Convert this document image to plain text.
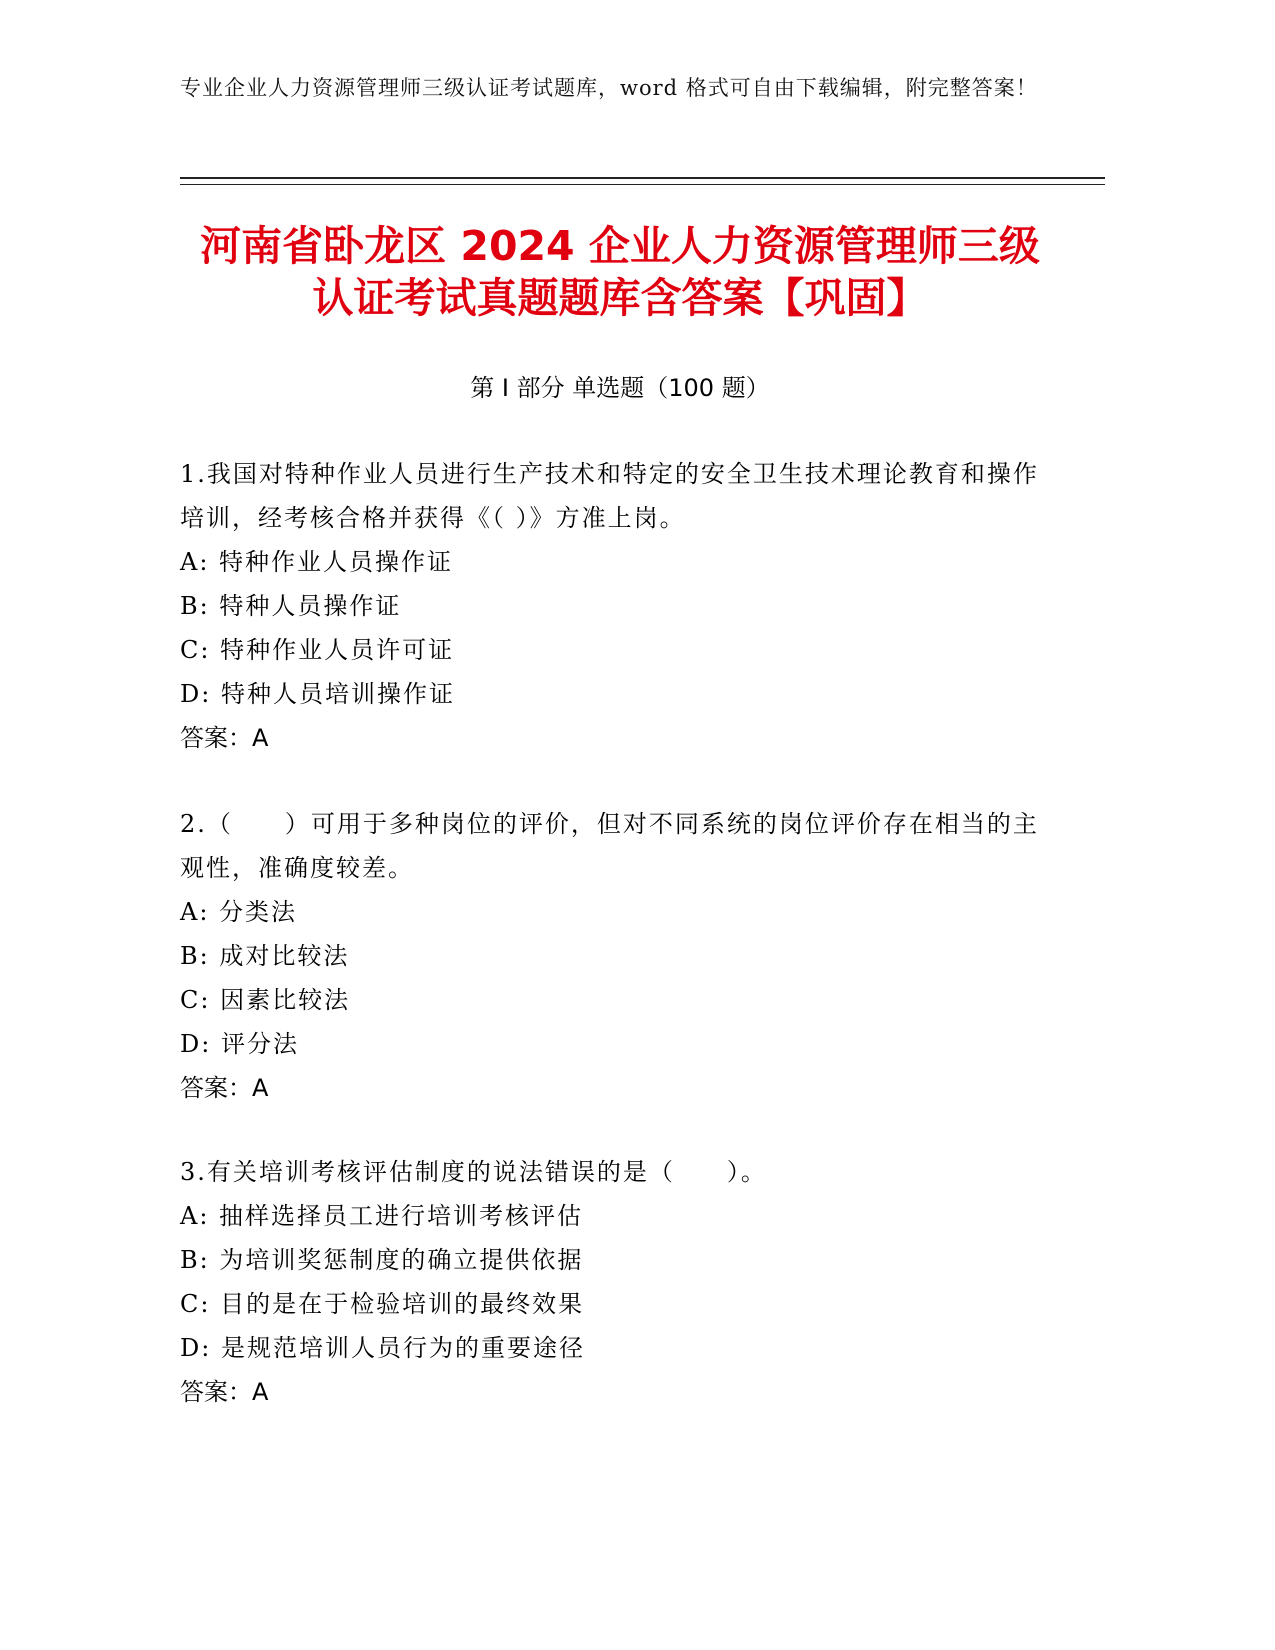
专业企业人力资源管理师三级认证考试题库，word 格式可自由下载编辑，附完整答案！
河南省卧龙区 2024 企业人力资源管理师三级
认证考试真题题库含答案【巩固】
第 I 部分 单选题（100 题）
1.我国对特种作业人员进行生产技术和特定的安全卫生技术理论教育和操作培训，经考核合格并获得《（ ）》方准上岗。
A: 特种作业人员操作证
B: 特种人员操作证
C: 特种作业人员许可证
D: 特种人员培训操作证
答案：A
2.（　　）可用于多种岗位的评价，但对不同系统的岗位评价存在相当的主观性，准确度较差。
A: 分类法
B: 成对比较法
C: 因素比较法
D: 评分法
答案：A
3.有关培训考核评估制度的说法错误的是（　　）。
A: 抽样选择员工进行培训考核评估
B: 为培训奖惩制度的确立提供依据
C: 目的是在于检验培训的最终效果
D: 是规范培训人员行为的重要途径
答案：A
